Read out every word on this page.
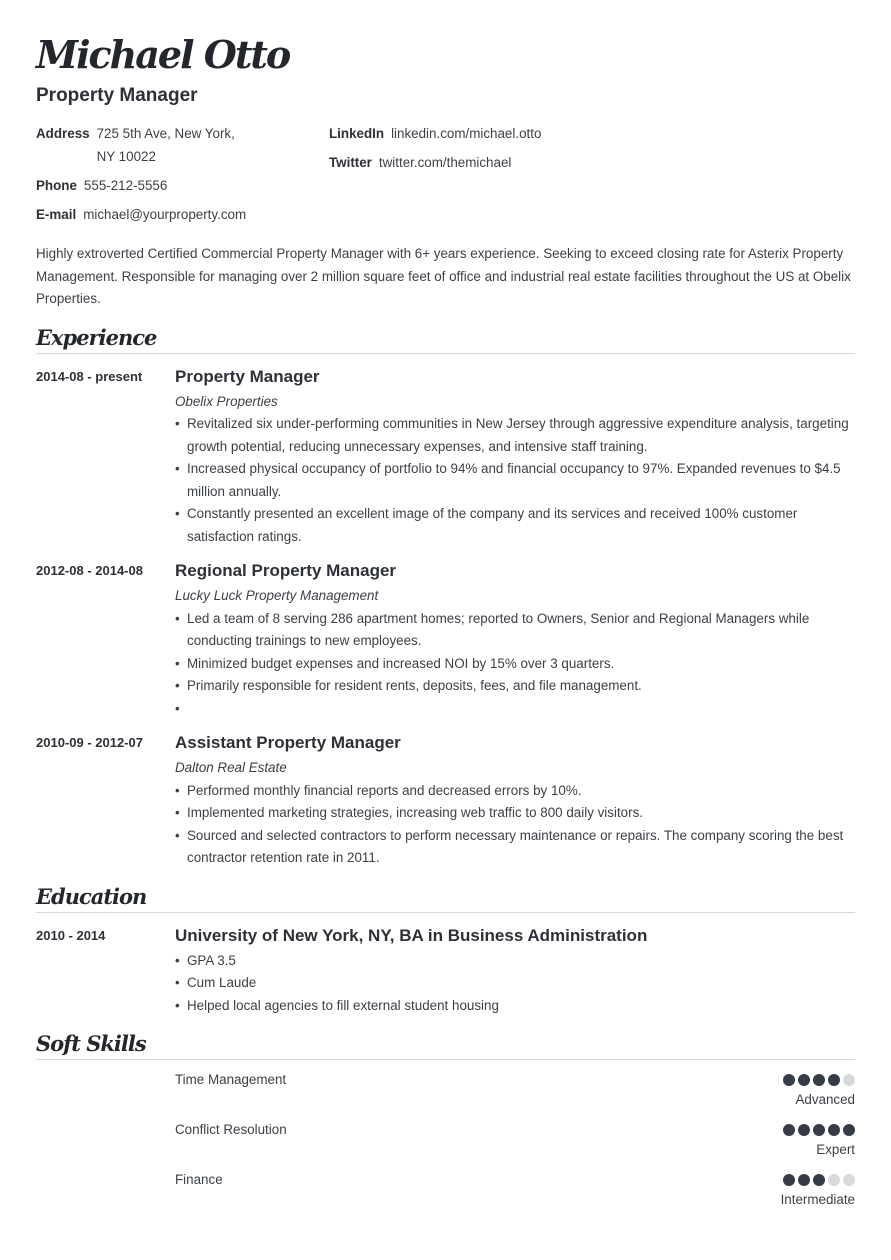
Michael Otto
Property Manager
Address 725 5th Ave, New York,
NY 10022
Phone 555-212-5556
E-mail michael@yourproperty.com
LinkedIn linkedin.com/michael.otto
Twitter twitter.com/themichael
Highly extroverted Certified Commercial Property Manager with 6+ years experience. Seeking to exceed closing rate for Asterix Property Management. Responsible for managing over 2 million square feet of office and industrial real estate facilities throughout the US at Obelix Properties.
Experience
2014-08 - present	Property Manager
Obelix Properties
• Revitalized six under-performing communities in New Jersey through aggressive expenditure analysis, targeting growth potential, reducing unnecessary expenses, and intensive staff training.
• Increased physical occupancy of portfolio to 94% and financial occupancy to 97%. Expanded revenues to $4.5 million annually.
• Constantly presented an excellent image of the company and its services and received 100% customer satisfaction ratings.
2012-08 - 2014-08	Regional Property Manager
Lucky Luck Property Management
• Led a team of 8 serving 286 apartment homes; reported to Owners, Senior and Regional Managers while conducting trainings to new employees.
• Minimized budget expenses and increased NOI by 15% over 3 quarters.
• Primarily responsible for resident rents, deposits, fees, and file management.
•
2010-09 - 2012-07	Assistant Property Manager
Dalton Real Estate
• Performed monthly financial reports and decreased errors by 10%.
• Implemented marketing strategies, increasing web traffic to 800 daily visitors.
• Sourced and selected contractors to perform necessary maintenance or repairs. The company scoring the best contractor retention rate in 2011.
Education
2010 - 2014	University of New York, NY, BA in Business Administration
• GPA 3.5
• Cum Laude
• Helped local agencies to fill external student housing
Soft Skills
Time Management
Advanced
Conflict Resolution
Expert
Finance
Intermediate
